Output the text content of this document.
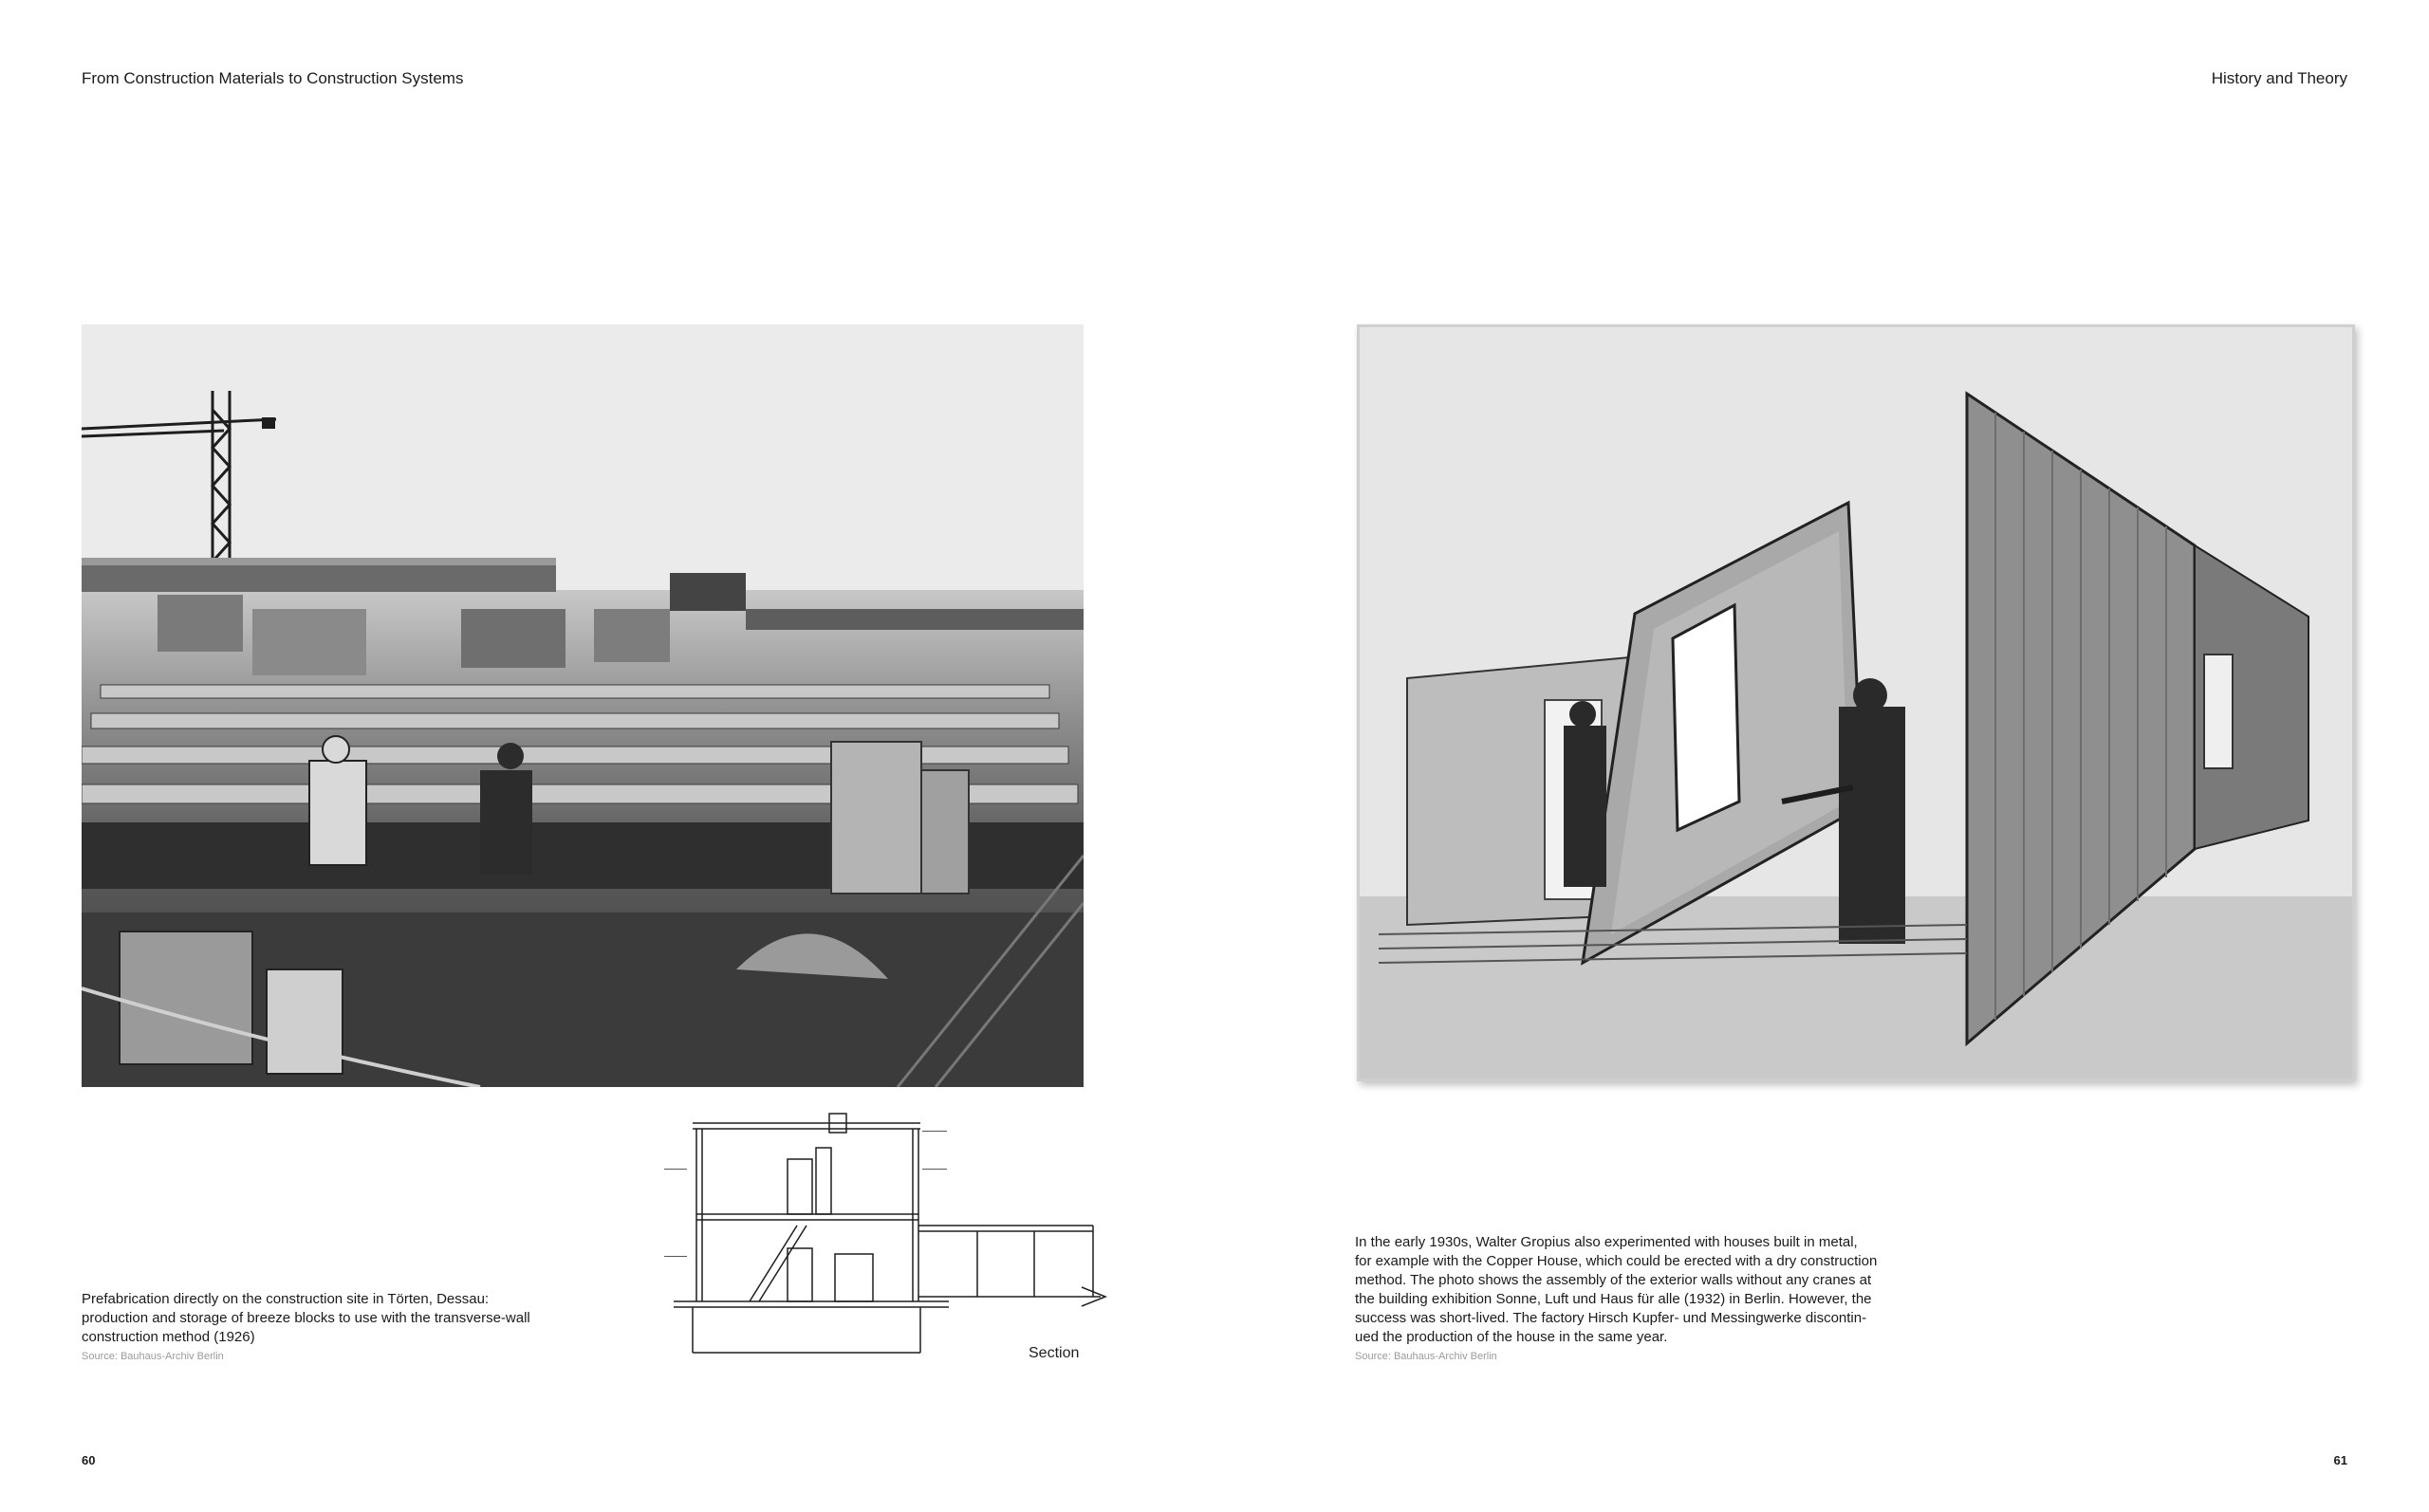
From Construction Materials to Construction Systems	History and Theory
Section

Prefabrication directly on the construction site in Törten, Dessau:

production and storage of breeze blocks to use with the transverse-wall

construction method (1926)

Source: Bauhaus-Archiv Berlin

In the early 1930s, Walter Gropius also experimented with houses built in metal,

for example with the Copper House, which could be erected with a dry construction

method. The photo shows the assembly of the exterior walls without any cranes at

the building exhibition Sonne, Luft und Haus für alle (1932) in Berlin. However, the

success was short-lived. The factory Hirsch Kupfer- und Messingwerke discontin-

ued the production of the house in the same year.

Source: Bauhaus-Archiv Berlin

60	61
